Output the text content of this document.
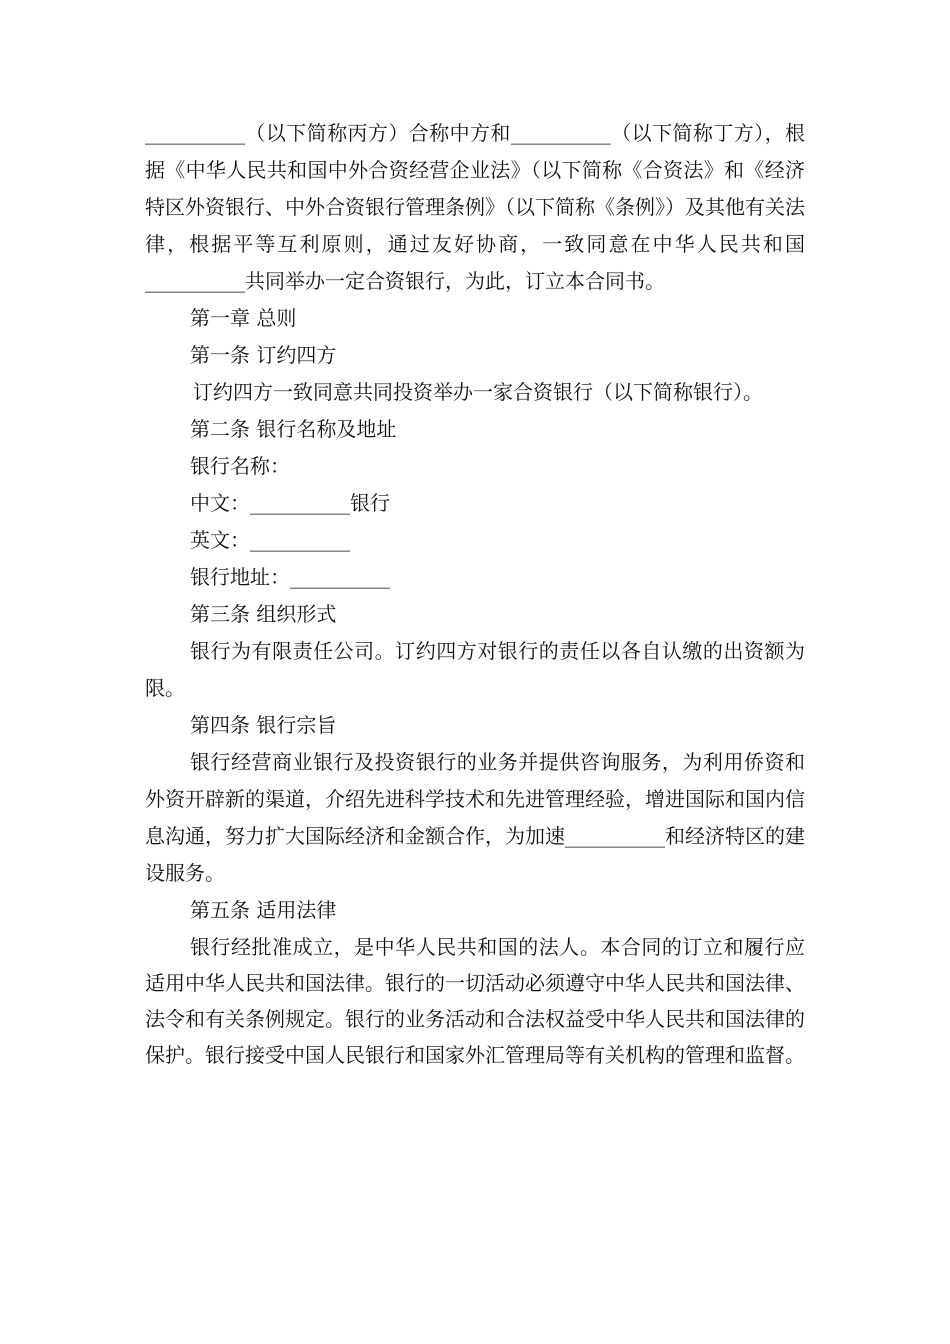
__________（以下简称丙方）合称中方和__________（以下简称丁方），根据《中华人民共和国中外合资经营企业法》（以下简称《合资法》和《经济特区外资银行、中外合资银行管理条例》（以下简称《条例》）及其他有关法律，根据平等互利原则，通过友好协商，一致同意在中华人民共和国__________共同举办一定合资银行，为此，订立本合同书。

第一章 总则

第一条 订约四方

订约四方一致同意共同投资举办一家合资银行（以下简称银行）。

第二条 银行名称及地址

银行名称：

中文：__________银行

英文：__________

银行地址：__________

第三条 组织形式

银行为有限责任公司。订约四方对银行的责任以各自认缴的出资额为限。

第四条 银行宗旨

银行经营商业银行及投资银行的业务并提供咨询服务，为利用侨资和外资开辟新的渠道，介绍先进科学技术和先进管理经验，增进国际和国内信息沟通，努力扩大国际经济和金额合作，为加速__________和经济特区的建设服务。

第五条 适用法律

银行经批准成立，是中华人民共和国的法人。本合同的订立和履行应适用中华人民共和国法律。银行的一切活动必须遵守中华人民共和国法律、法令和有关条例规定。银行的业务活动和合法权益受中华人民共和国法律的保护。银行接受中国人民银行和国家外汇管理局等有关机构的管理和监督。
